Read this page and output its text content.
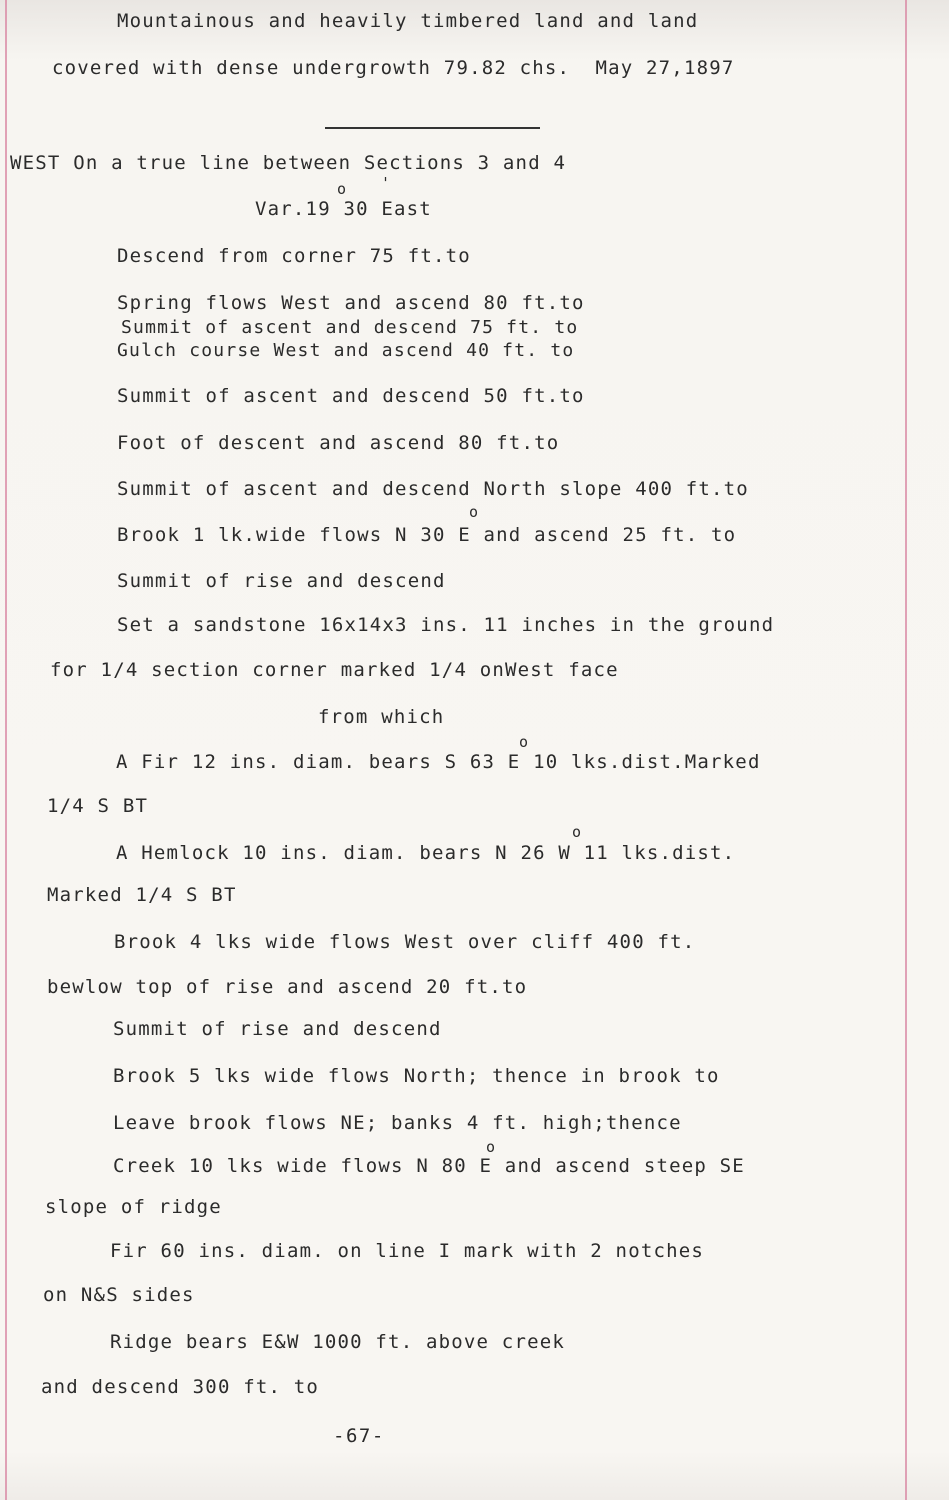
Mountainous and heavily timbered land and land
covered with dense undergrowth 79.82 chs.  May 27,1897
WEST On a true line between Sections 3 and 4
o '
Var.19 30 East
Descend from corner 75 ft.to
Spring flows West and ascend 80 ft.to
Summit of ascent and descend 75 ft. to
Gulch course West and ascend 40 ft. to
Summit of ascent and descend 50 ft.to
Foot of descent and ascend 80 ft.to
Summit of ascent and descend North slope 400 ft.to
o
Brook 1 lk.wide flows N 30 E and ascend 25 ft. to
Summit of rise and descend
Set a sandstone 16x14x3 ins. 11 inches in the ground
for 1/4 section corner marked 1/4 onWest face
from which
o
A Fir 12 ins. diam. bears S 63 E 10 lks.dist.Marked
1/4 S BT
o
A Hemlock 10 ins. diam. bears N 26 W 11 lks.dist.
Marked 1/4 S BT
Brook 4 lks wide flows West over cliff 400 ft.
bewlow top of rise and ascend 20 ft.to
Summit of rise and descend
Brook 5 lks wide flows North; thence in brook to
Leave brook flows NE; banks 4 ft. high;thence
o
Creek 10 lks wide flows N 80 E and ascend steep SE
slope of ridge
Fir 60 ins. diam. on line I mark with 2 notches
on N&S sides
Ridge bears E&W 1000 ft. above creek
and descend 300 ft. to
-67-
